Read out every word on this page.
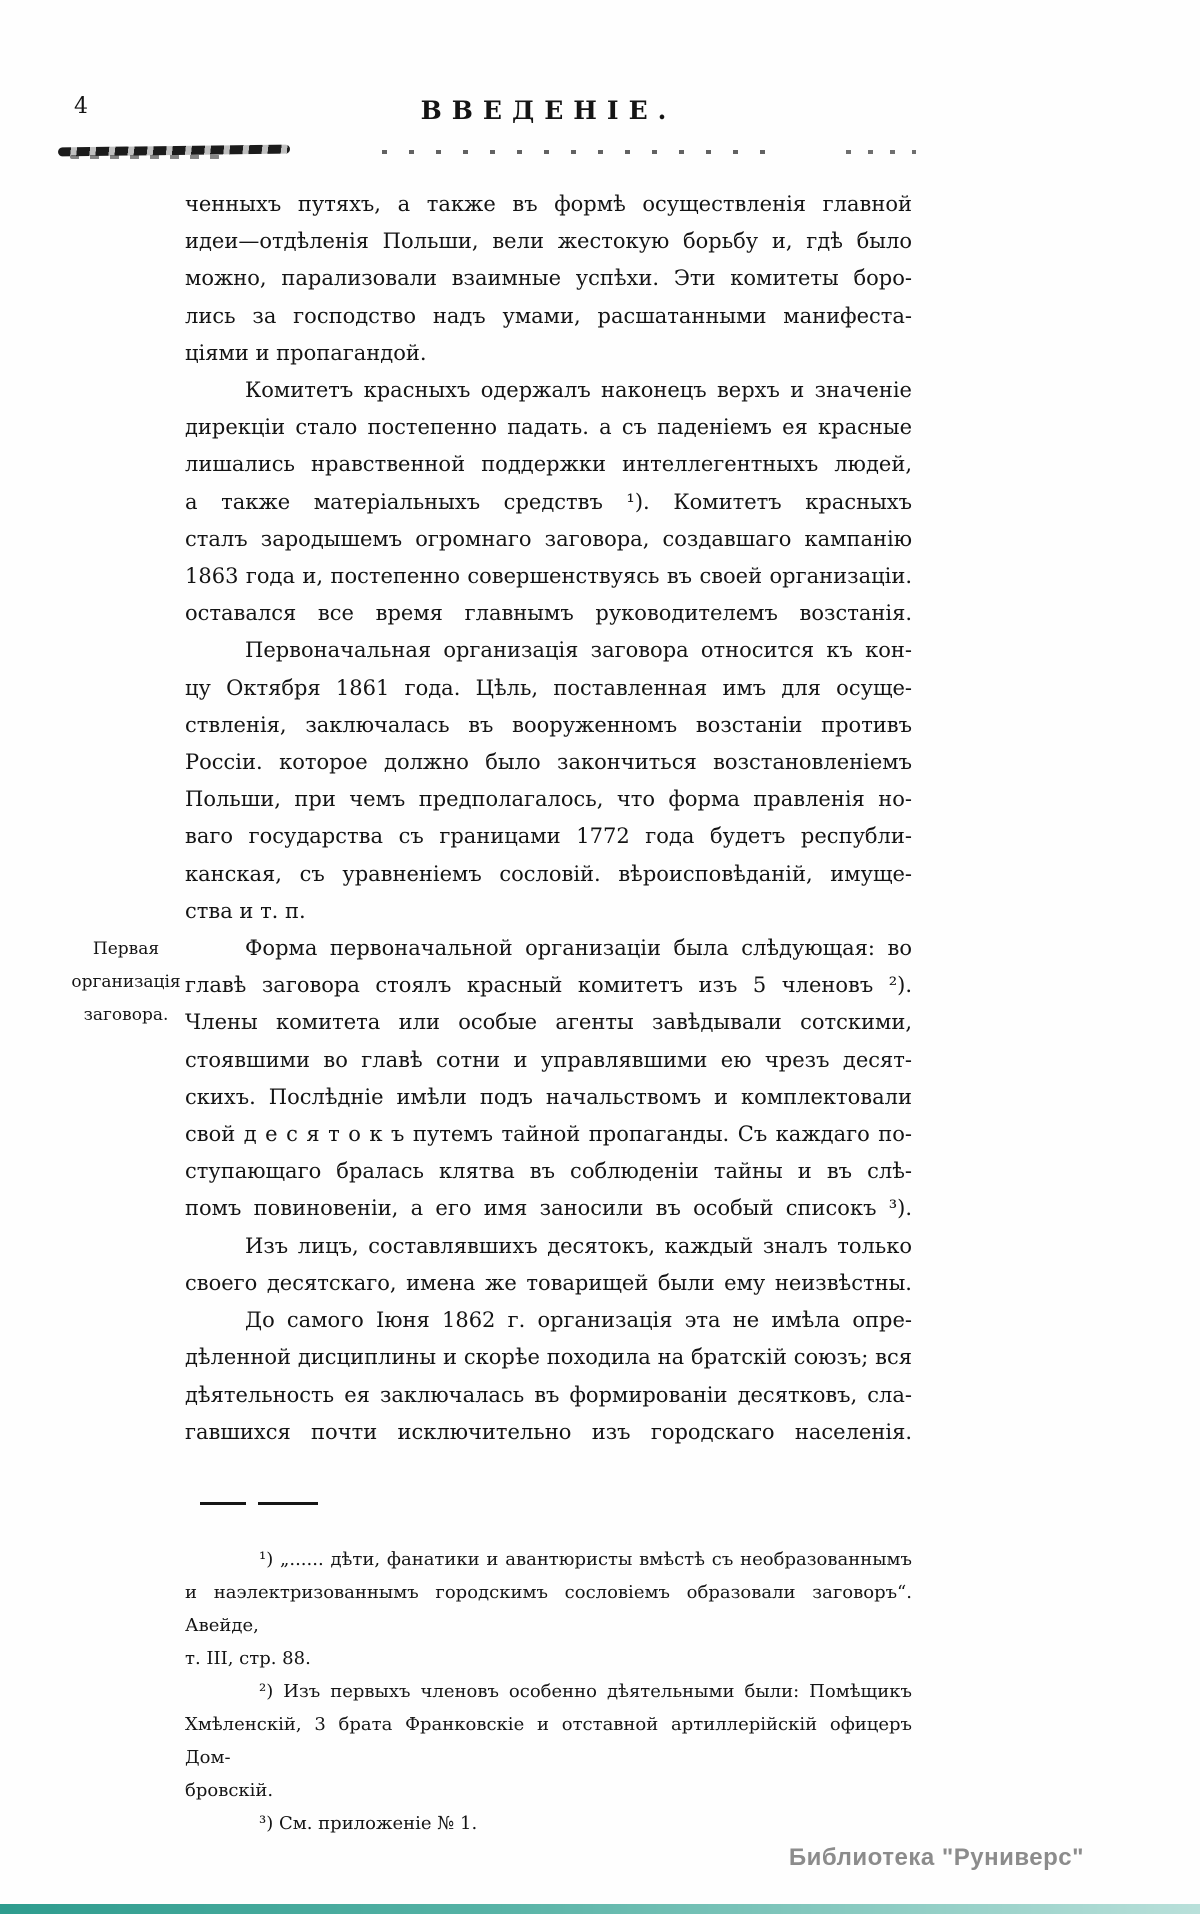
4	ВВЕДЕНІЕ.
Первая
организація
заговора.
ченныхъ путяхъ, а также въ формѣ осуществленія главной
идеи—отдѣленія Польши, вели жестокую борьбу и, гдѣ было
можно, парализовали взаимные успѣхи. Эти комитеты боро-
лись за господство надъ умами, расшатанными манифеста-
ціями и пропагандой.
Комитетъ красныхъ одержалъ наконецъ верхъ и значеніе
дирекціи стало постепенно падать. а съ паденіемъ ея красные
лишались нравственной поддержки интеллегентныхъ людей,
а также матеріальныхъ средствъ ¹). Комитетъ красныхъ
сталъ зародышемъ огромнаго заговора, создавшаго кампанію
1863 года и, постепенно совершенствуясь въ своей организаціи.
оставался все время главнымъ руководителемъ возстанія.
Первоначальная организація заговора относится къ кон-
цу Октября 1861 года. Цѣль, поставленная имъ для осуще-
ствленія, заключалась въ вооруженномъ возстаніи противъ
Россіи. которое должно было закончиться возстановленіемъ
Польши, при чемъ предполагалось, что форма правленія но-
ваго государства съ границами 1772 года будетъ республи-
канская, съ уравненіемъ сословій. вѣроисповѣданій, имуще-
ства и т. п.
Форма первоначальной организаціи была слѣдующая: во
главѣ заговора стоялъ красный комитетъ изъ 5 членовъ ²).
Члены комитета или особые агенты завѣдывали сотскими,
стоявшими во главѣ сотни и управлявшими ею чрезъ десят-
скихъ. Послѣдніе имѣли подъ начальствомъ и комплектовали
свой д е с я т о к ъ путемъ тайной пропаганды. Съ каждаго по-
ступающаго бралась клятва въ соблюденіи тайны и въ слѣ-
помъ повиновеніи, а его имя заносили въ особый списокъ ³).
Изъ лицъ, составлявшихъ десятокъ, каждый зналъ только
своего десятскаго, имена же товарищей были ему неизвѣстны.
До самого Іюня 1862 г. организація эта не имѣла опре-
дѣленной дисциплины и скорѣе походила на братскій союзъ; вся
дѣятельность ея заключалась въ формированіи десятковъ, сла-
гавшихся почти исключительно изъ городскаго населенія.
¹) „...... дѣти, фанатики и авантюристы вмѣстѣ съ необразованнымъ
и наэлектризованнымъ городскимъ сословіемъ образовали заговоръ“. Авейде,
т. III, стр. 88.
²) Изъ первыхъ членовъ особенно дѣятельными были: Помѣщикъ
Хмѣленскій, 3 брата Франковскіе и отставной артиллерійскій офицеръ Дом-
бровскій.
³) См. приложеніе № 1.
Библиотека "Руниверс"
